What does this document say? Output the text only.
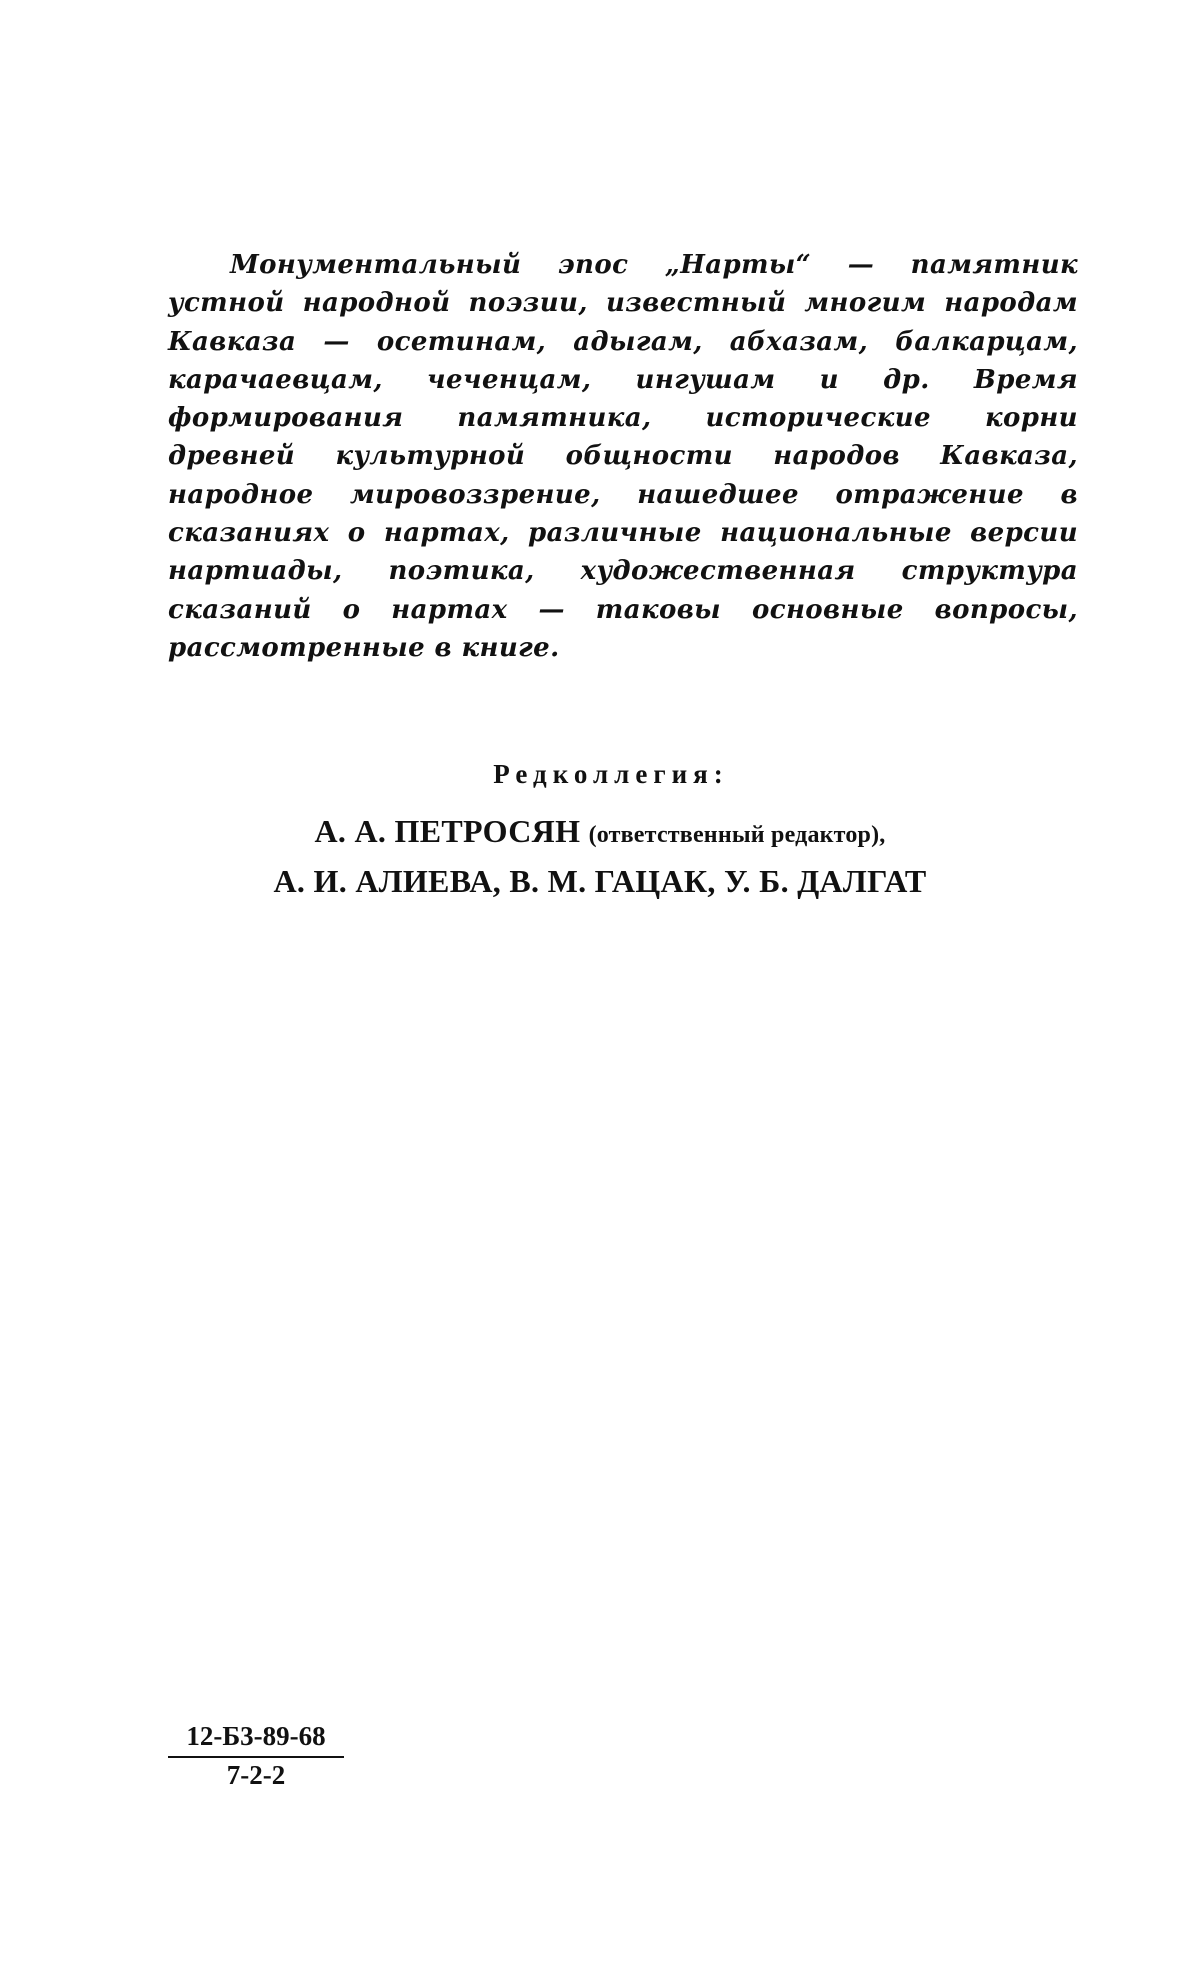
Монументальный эпос „Нарты“ — памятник устной народной поэзии, известный многим народам Кавказа — осетинам, адыгам, абхазам, балкарцам, карачаевцам, чеченцам, ингушам и др. Время формирования памятника, исторические корни древней культурной общности народов Кавказа, народное мировоззрение, нашедшее отражение в сказаниях о нартах, различные национальные версии нартиады, поэтика, художественная структура сказаний о нартах — таковы основные вопросы, рассмотренные в книге.

Редколлегия:
А. А. ПЕТРОСЯН (ответственный редактор),
А. И. АЛИЕВА, В. М. ГАЦАК, У. Б. ДАЛГАТ
12-Б3-89-68
7-2-2
